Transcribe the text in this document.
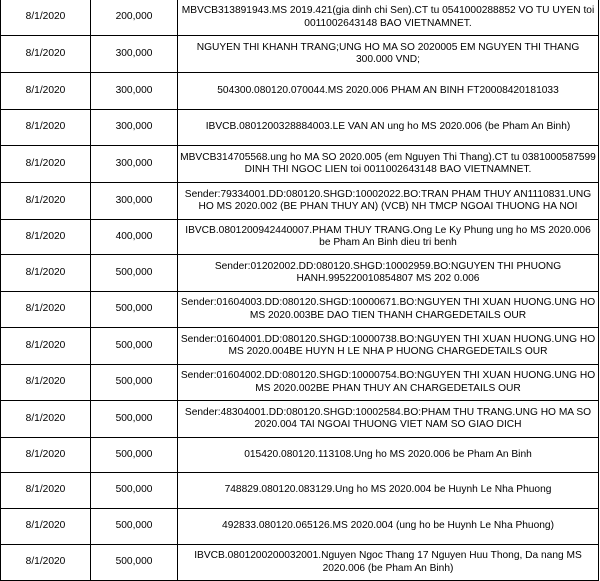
8/1/2020	200,000	MBVCB313891943.MS 2019.421(gia dinh chi Sen).CT tu 0541000288852 VO TU UYEN toi 0011002643148 BAO VIETNAMNET.
8/1/2020	300,000	NGUYEN THI KHANH TRANG;UNG HO MA SO 2020005 EM NGUYEN THI THANG 300.000 VND;
8/1/2020	300,000	504300.080120.070044.MS 2020.006 PHAM AN BINH FT20008420181033
8/1/2020	300,000	IBVCB.0801200328884003.LE VAN AN ung ho MS 2020.006 (be Pham An Binh)
8/1/2020	300,000	MBVCB314705568.ung ho MA SO 2020.005 (em Nguyen Thi Thang).CT tu 0381000587599 DINH THI NGOC LIEN toi 0011002643148 BAO VIETNAMNET.
8/1/2020	300,000	Sender:79334001.DD:080120.SHGD:10002022.BO:TRAN PHAM THUY AN1110831.UNG HO MS 2020.002 (BE PHAN THUY AN) (VCB) NH TMCP NGOAI THUONG HA NOI
8/1/2020	400,000	IBVCB.0801200942440007.PHAM THUY TRANG.Ong Le Ky Phung ung ho MS 2020.006 be Pham An Binh dieu tri benh
8/1/2020	500,000	Sender:01202002.DD:080120.SHGD:10002959.BO:NGUYEN THI PHUONG HANH.995220010854807 MS 202 0.006
8/1/2020	500,000	Sender:01604003.DD:080120.SHGD:10000671.BO:NGUYEN THI XUAN HUONG.UNG HO MS 2020.003BE DAO TIEN THANH CHARGEDETAILS OUR
8/1/2020	500,000	Sender:01604001.DD:080120.SHGD:10000738.BO:NGUYEN THI XUAN HUONG.UNG HO MS 2020.004BE HUYN H LE NHA P HUONG CHARGEDETAILS OUR
8/1/2020	500,000	Sender:01604002.DD:080120.SHGD:10000754.BO:NGUYEN THI XUAN HUONG.UNG HO MS 2020.002BE PHAN THUY AN CHARGEDETAILS OUR
8/1/2020	500,000	Sender:48304001.DD:080120.SHGD:10002584.BO:PHAM THU TRANG.UNG HO MA SO 2020.004 TAI NGOAI THUONG VIET NAM SO GIAO DICH
8/1/2020	500,000	015420.080120.113108.Ung ho MS 2020.006 be Pham An Binh
8/1/2020	500,000	748829.080120.083129.Ung ho MS 2020.004 be Huynh Le Nha Phuong
8/1/2020	500,000	492833.080120.065126.MS 2020.004 (ung ho be Huynh Le Nha Phuong)
8/1/2020	500,000	IBVCB.0801200200032001.Nguyen Ngoc Thang 17 Nguyen Huu Thong, Da nang MS 2020.006 (be Pham An Binh)
